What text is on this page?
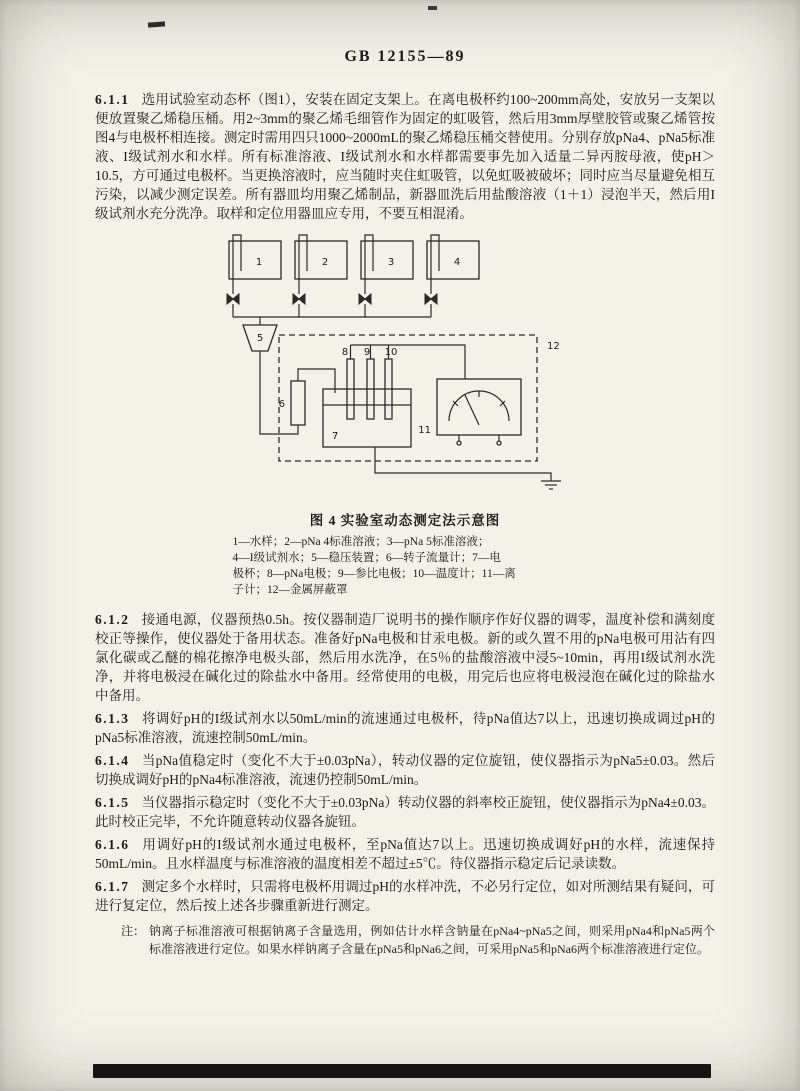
GB 12155—89

6.1.1 选用试验室动态杯（图1），安装在固定支架上。在离电极杯约100~200mm高处，安放另一支架以便放置聚乙烯稳压桶。用2~3mm的聚乙烯毛细管作为固定的虹吸管，然后用3mm厚壁胶管或聚乙烯管按图4与电极杯相连接。测定时需用四只1000~2000mL的聚乙烯稳压桶交替使用。分别存放pNa4、pNa5标准液、I级试剂水和水样。所有标准溶液、I级试剂水和水样都需要事先加入适量二异丙胺母液，使pH＞10.5，方可通过电极杯。当更换溶液时，应当随时夹住虹吸管，以免虹吸被破坏；同时应当尽量避免相互污染，以减少测定误差。所有器皿均用聚乙烯制品，新器皿洗后用盐酸溶液（1＋1）浸泡半天，然后用I级试剂水充分洗净。取样和定位用器皿应专用，不要互相混淆。

1	2	3	4
5
12
6
7
8 9 10
11
图 4 实验室动态测定法示意图
1—水样；2—pNa 4标准溶液；3—pNa 5标准溶液；
4—I级试剂水；5—稳压装置；6—转子流量计；7—电
极杯；8—pNa电极；9—参比电极；10—温度计；11—离
子计；12—金属屏蔽罩

6.1.2 接通电源，仪器预热0.5h。按仪器制造厂说明书的操作顺序作好仪器的调零，温度补偿和满刻度校正等操作，使仪器处于备用状态。准备好pNa电极和甘汞电极。新的或久置不用的pNa电极可用沾有四氯化碳或乙醚的棉花擦净电极头部，然后用水洗净，在5％的盐酸溶液中浸5~10min，再用I级试剂水洗净，并将电极浸在碱化过的除盐水中备用。经常使用的电极，用完后也应将电极浸泡在碱化过的除盐水中备用。

6.1.3 将调好pH的I级试剂水以50mL/min的流速通过电极杯，待pNa值达7以上，迅速切换成调过pH的pNa5标准溶液，流速控制50mL/min。

6.1.4 当pNa值稳定时（变化不大于±0.03pNa），转动仪器的定位旋钮，使仪器指示为pNa5±0.03。然后切换成调好pH的pNa4标准溶液，流速仍控制50mL/min。

6.1.5 当仪器指示稳定时（变化不大于±0.03pNa）转动仪器的斜率校正旋钮，使仪器指示为pNa4±0.03。此时校正完毕，不允许随意转动仪器各旋钮。

6.1.6 用调好pH的I级试剂水通过电极杯，至pNa值达7以上。迅速切换成调好pH的水样，流速保持50mL/min。且水样温度与标准溶液的温度相差不超过±5℃。待仪器指示稳定后记录读数。

6.1.7 测定多个水样时，只需将电极杯用调过pH的水样冲洗，不必另行定位，如对所测结果有疑问，可进行复定位，然后按上述各步骤重新进行测定。

注： 钠离子标准溶液可根据钠离子含量选用，例如估计水样含钠量在pNa4~pNa5之间，则采用pNa4和pNa5两个标准溶液进行定位。如果水样钠离子含量在pNa5和pNa6之间，可采用pNa5和pNa6两个标准溶液进行定位。
